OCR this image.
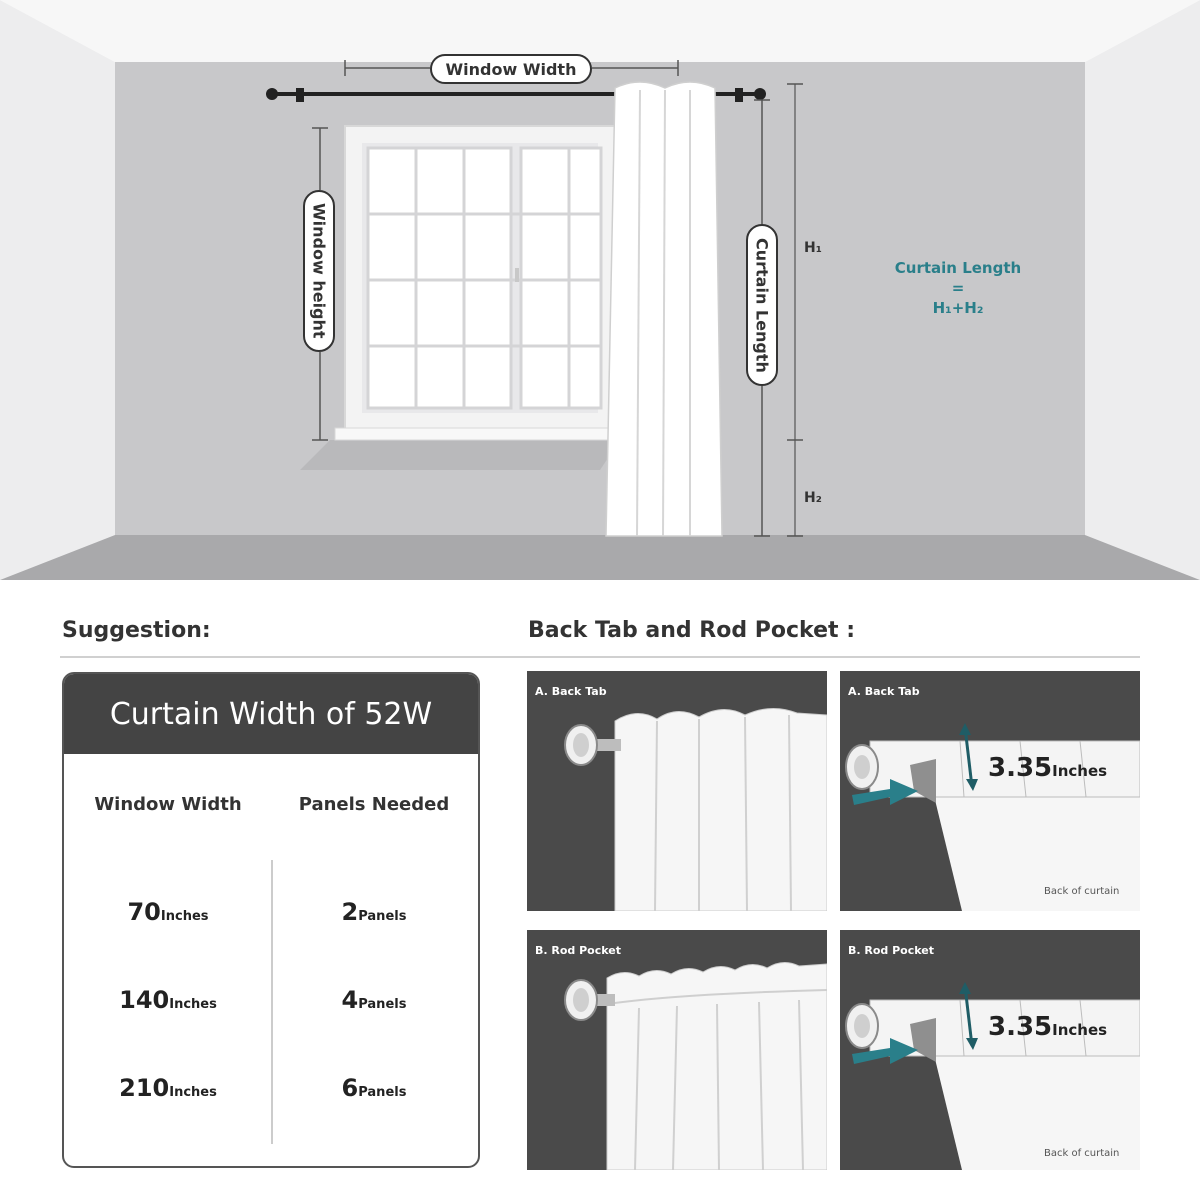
Window Width
Window height	Curtain Length	H₁
H₂
Curtain Length
=
H₁+H₂
Suggestion:	Back Tab and Rod Pocket :
Curtain Width of 52W
Window Width	Panels Needed
70Inches	2Panels
140Inches	4Panels
210Inches	6Panels
A. Back Tab	A. Back Tab
3.35Inches
Back of curtain
B. Rod Pocket	B. Rod Pocket
3.35Inches
Back of curtain
